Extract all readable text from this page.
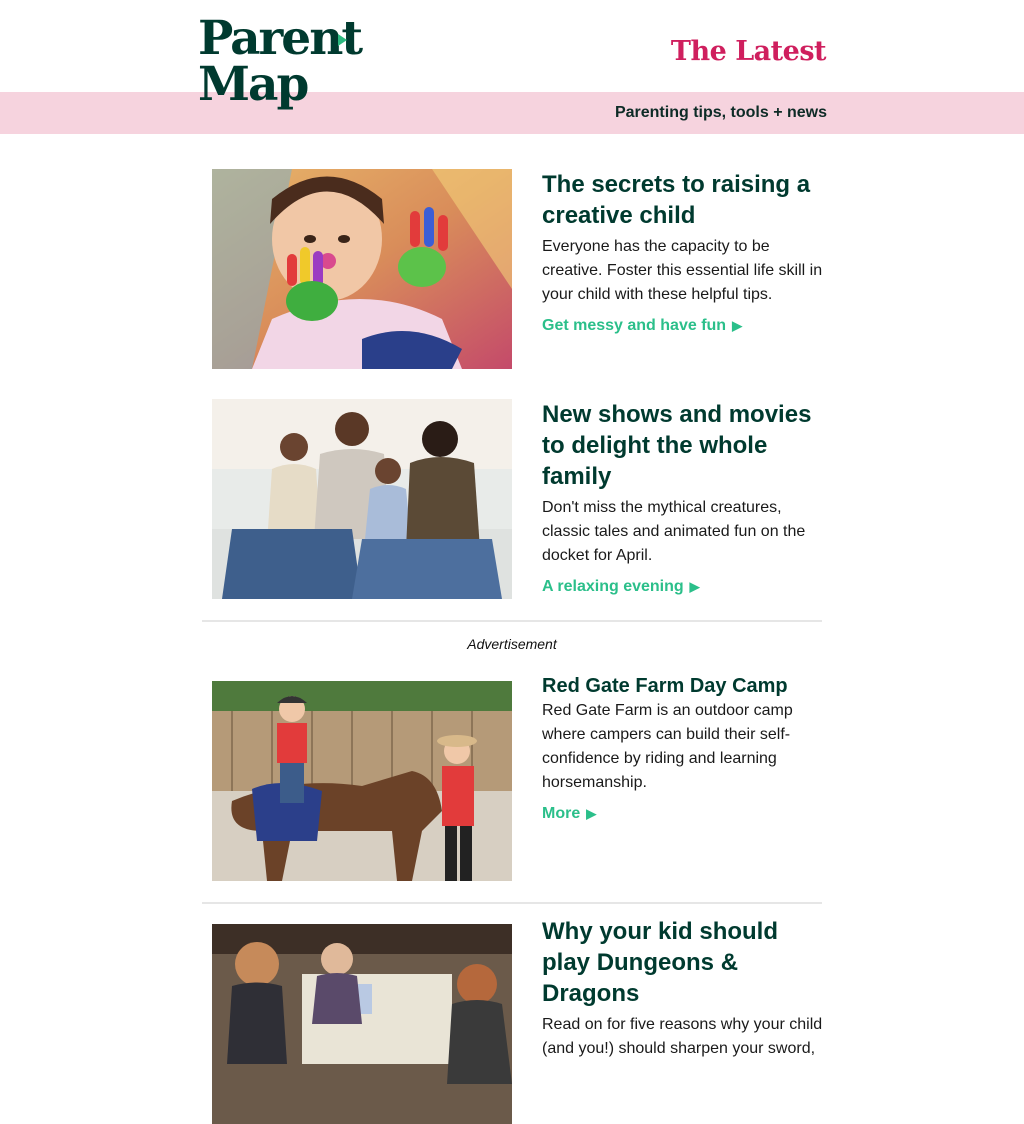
Parent
Map
The Latest
Parenting tips, tools + news
The secrets to raising a creative child
Everyone has the capacity to be creative. Foster this essential life skill in your child with these helpful tips.
Get messy and have fun ▶
New shows and movies to delight the whole family
Don't miss the mythical creatures, classic tales and animated fun on the docket for April.
A relaxing evening ▶
Advertisement
Red Gate Farm Day Camp
Red Gate Farm is an outdoor camp where campers can build their self-confidence by riding and learning horsemanship.
More ▶
Why your kid should play Dungeons & Dragons
Read on for five reasons why your child (and you!) should sharpen your sword,
